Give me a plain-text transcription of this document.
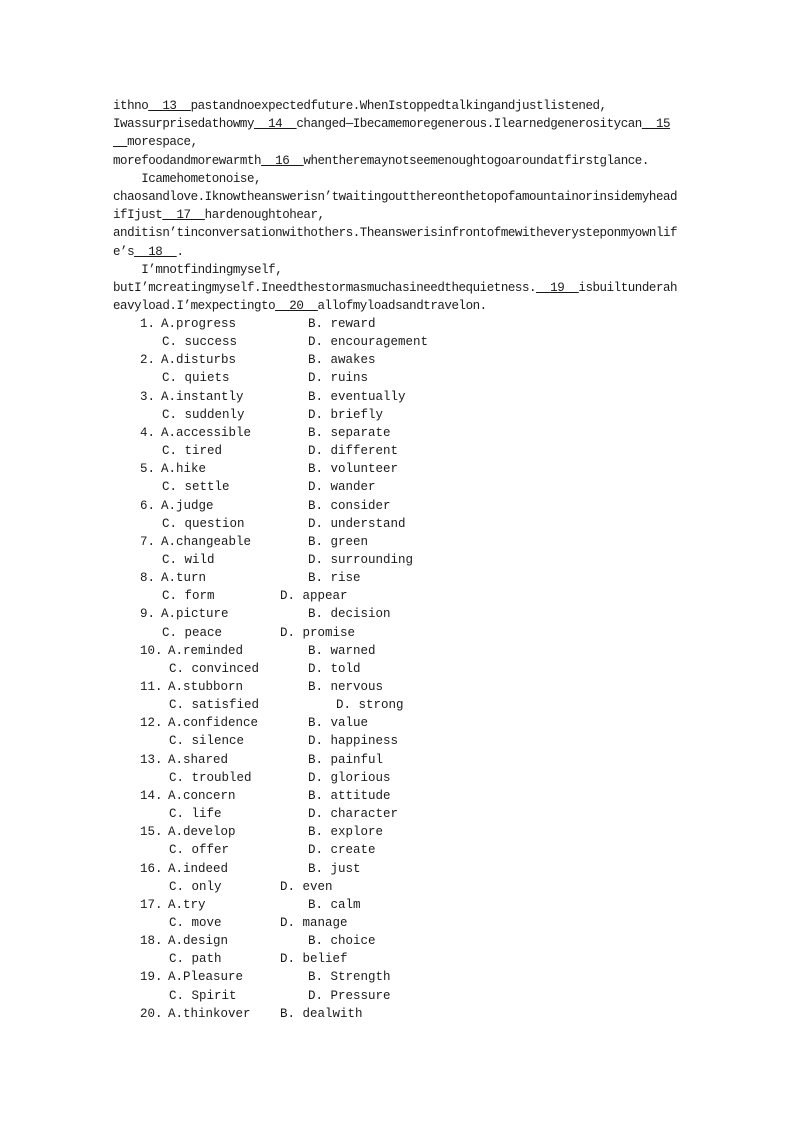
ithno__13__pastandnoexpectedfuture.WhenIstoppedtalkingandjustlistened,

Iwassurprisedathowmy__14__changed—Ibecamemoregenerous.Ilearnedgenerositycan__15

__morespace,

morefoodandmorewarmth__16__whentheremaynotseemenoughtogoaroundatfirstglance.

Icamehometonoise,

chaosandlove.Iknowtheanswerisn’twaitingoutthereonthetopofamountainorinsidemyhead

ifIjust__17__hardenoughtohear,

anditisn’tinconversationwithothers.Theanswerisinfrontofmewitheverysteponmyownlif

e’s__18__.

I’mnotfindingmyself,

butI’mcreatingmyself.Ineedthestormasmuchasineedthequietness.__19__isbuiltunderah

eavyload.I’mexpectingto__20__allofmyloadsandtravelon.

1. A.progress	B. reward
C. success	D. encouragement
2. A.disturbs	B. awakes
C. quiets	D. ruins
3. A.instantly	B. eventually
C. suddenly	D. briefly
4. A.accessible	B. separate
C. tired	D. different
5. A.hike	B. volunteer
C. settle	D. wander
6. A.judge	B. consider
C. question	D. understand
7. A.changeable	B. green
C. wild	D. surrounding
8. A.turn	B. rise
C. form	D. appear
9. A.picture	B. decision
C. peace	D. promise
10. A.reminded	B. warned
C. convinced	D. told
11. A.stubborn	B. nervous
C. satisfied	D. strong
12. A.confidence	B. value
C. silence	D. happiness
13. A.shared	B. painful
C. troubled	D. glorious
14. A.concern	B. attitude
C. life	D. character
15. A.develop	B. explore
C. offer	D. create
16. A.indeed	B. just
C. only	D. even
17. A.try	B. calm
C. move	D. manage
18. A.design	B. choice
C. path	D. belief
19. A.Pleasure	B. Strength
C. Spirit	D. Pressure
20. A.thinkover B. dealwith
